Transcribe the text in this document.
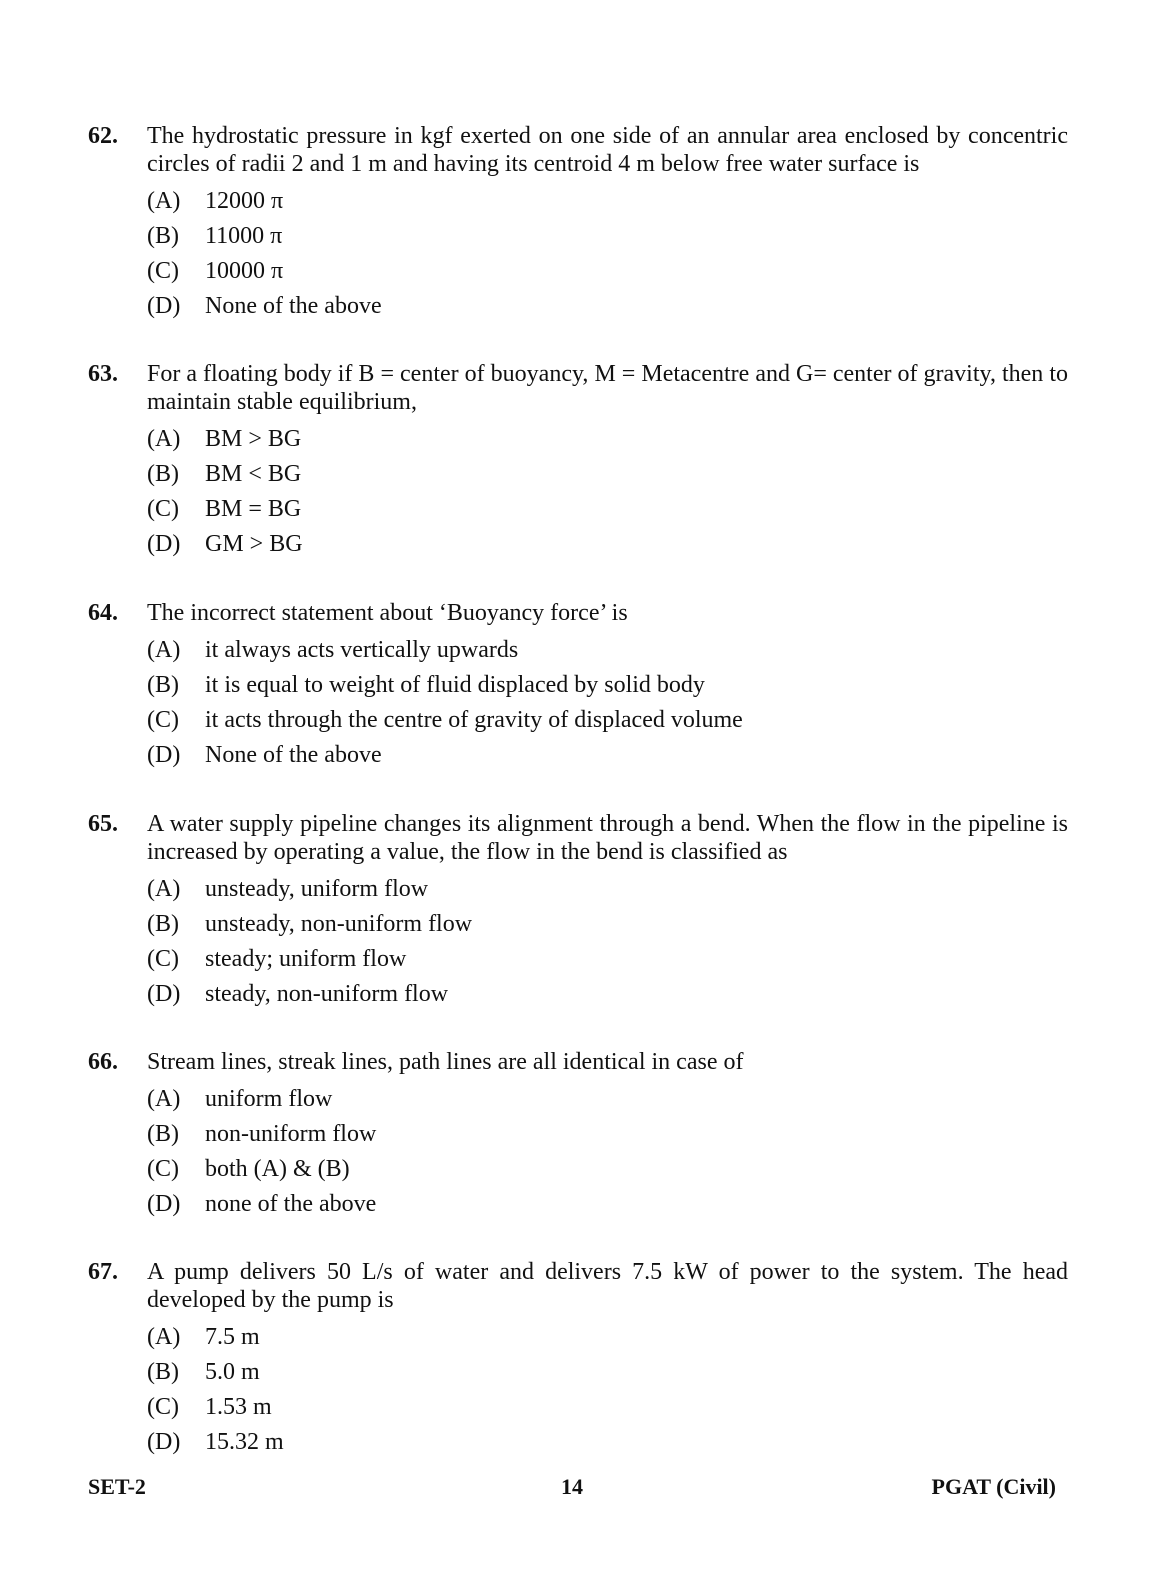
62. The hydrostatic pressure in kgf exerted on one side of an annular area enclosed by concentric circles of radii 2 and 1 m and having its centroid 4 m below free water surface is
(A) 12000 π
(B) 11000 π
(C) 10000 π
(D) None of the above
63. For a floating body if B = center of buoyancy, M = Metacentre and G= center of gravity, then to maintain stable equilibrium,
(A) BM > BG
(B) BM < BG
(C) BM = BG
(D) GM > BG
64. The incorrect statement about ‘Buoyancy force’ is
(A) it always acts vertically upwards
(B) it is equal to weight of fluid displaced by solid body
(C) it acts through the centre of gravity of displaced volume
(D) None of the above
65. A water supply pipeline changes its alignment through a bend. When the flow in the pipeline is increased by operating a value, the flow in the bend is classified as
(A) unsteady, uniform flow
(B) unsteady, non-uniform flow
(C) steady; uniform flow
(D) steady, non-uniform flow
66. Stream lines, streak lines, path lines are all identical in case of
(A) uniform flow
(B) non-uniform flow
(C) both (A) & (B)
(D) none of the above
67. A pump delivers 50 L/s of water and delivers 7.5 kW of power to the system. The head developed by the pump is
(A) 7.5 m
(B) 5.0 m
(C) 1.53 m
(D) 15.32 m
SET-2	14	PGAT (Civil)
